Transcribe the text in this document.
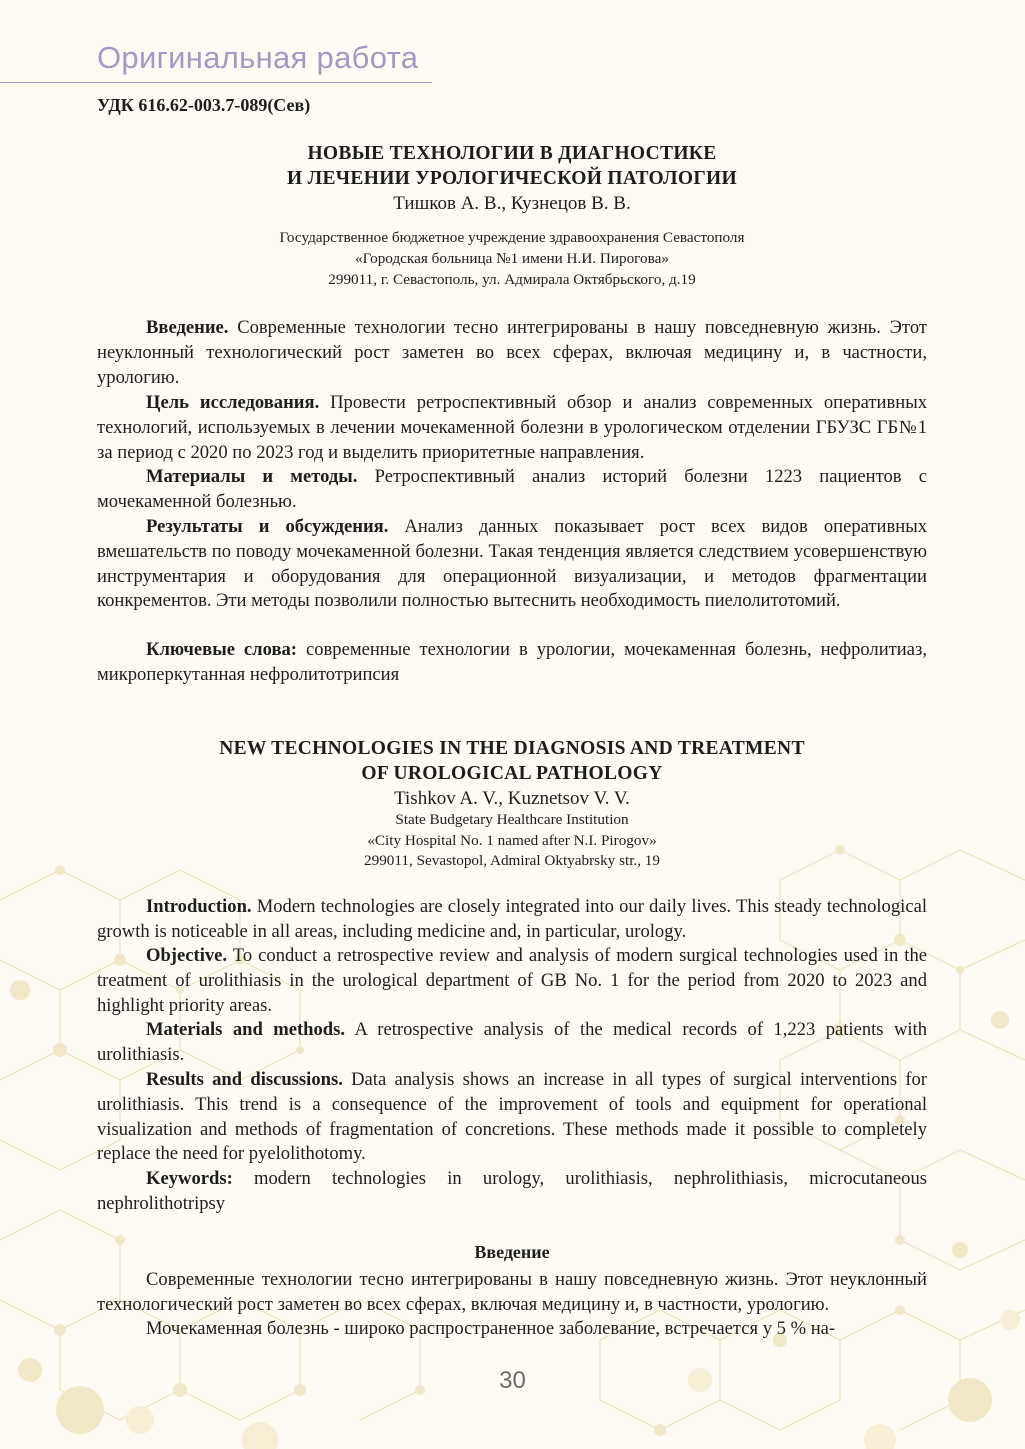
Оригинальная работа
УДК 616.62-003.7-089(Сев)
НОВЫЕ ТЕХНОЛОГИИ В ДИАГНОСТИКЕ
И ЛЕЧЕНИИ УРОЛОГИЧЕСКОЙ ПАТОЛОГИИ
Тишков А. В., Кузнецов В. В.
Государственное бюджетное учреждение здравоохранения Севастополя
«Городская больница №1 имени Н.И. Пирогова»
299011, г. Севастополь, ул. Адмирала Октябрьского, д.19

Введение. Современные технологии тесно интегрированы в нашу повседневную жизнь. Этот неуклонный технологический рост заметен во всех сферах, включая медицину и, в частности, урологию.

Цель исследования. Провести ретроспективный обзор и анализ современных оперативных технологий, используемых в лечении мочекаменной болезни в урологическом отделении ГБУЗС ГБ№1 за период с 2020 по 2023 год и выделить приоритетные направления.

Материалы и методы. Ретроспективный анализ историй болезни 1223 пациентов с мочекаменной болезнью.

Результаты и обсуждения. Анализ данных показывает рост всех видов оперативных вмешательств по поводу мочекаменной болезни. Такая тенденция является следствием усовершенствую инструментария и оборудования для операционной визуализации, и методов фрагментации конкрементов. Эти методы позволили полностью вытеснить необходимость пиелолитотомий.

Ключевые слова: современные технологии в урологии, мочекаменная болезнь, нефролитиаз, микроперкутанная нефролитотрипсия

NEW TECHNOLOGIES IN THE DIAGNOSIS AND TREATMENT
OF UROLOGICAL PATHOLOGY
Tishkov A. V., Kuznetsov V. V.
State Budgetary Healthcare Institution
«City Hospital No. 1 named after N.I. Pirogov»
299011, Sevastopol, Admiral Oktyabrsky str., 19

Introduction. Modern technologies are closely integrated into our daily lives. This steady technological growth is noticeable in all areas, including medicine and, in particular, urology.

Objective. To conduct a retrospective review and analysis of modern surgical technologies used in the treatment of urolithiasis in the urological department of GB No. 1 for the period from 2020 to 2023 and highlight priority areas.

Materials and methods. A retrospective analysis of the medical records of 1,223 patients with urolithiasis.

Results and discussions. Data analysis shows an increase in all types of surgical interventions for urolithiasis. This trend is a consequence of the improvement of tools and equipment for operational visualization and methods of fragmentation of concretions. These methods made it possible to completely replace the need for pyelolithotomy.

Keywords: modern technologies in urology, urolithiasis, nephrolithiasis, microcutaneous nephrolithotripsy

Введение

Современные технологии тесно интегрированы в нашу повседневную жизнь. Этот неуклонный технологический рост заметен во всех сферах, включая медицину и, в частности, урологию.

Мочекаменная болезнь - широко распространенное заболевание, встречается у 5 % на-

30
